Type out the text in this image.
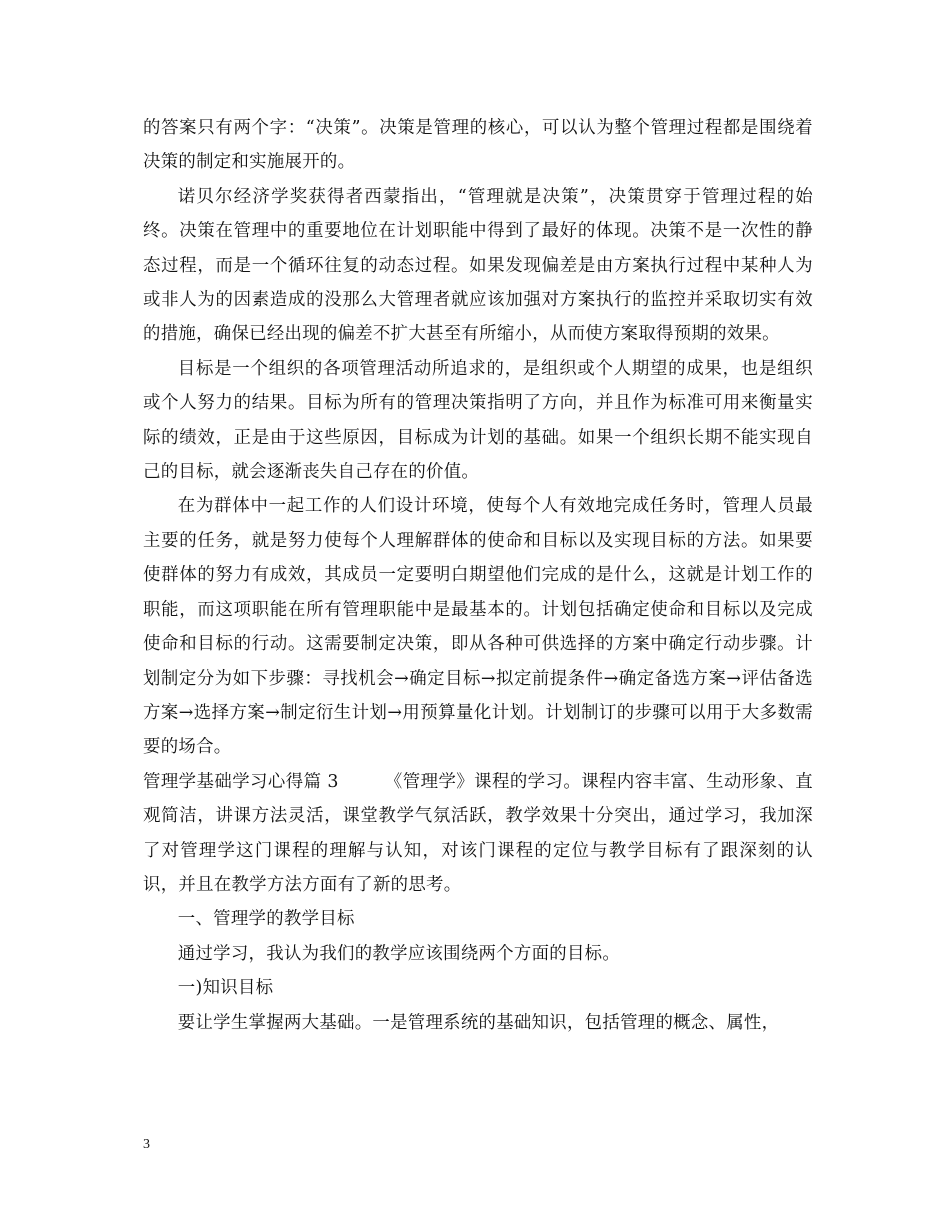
的答案只有两个字：“决策”。决策是管理的核心，可以认为整个管理过程都是围绕着决策的制定和实施展开的。

诺贝尔经济学奖获得者西蒙指出，“管理就是决策”，决策贯穿于管理过程的始终。决策在管理中的重要地位在计划职能中得到了最好的体现。决策不是一次性的静态过程，而是一个循环往复的动态过程。如果发现偏差是由方案执行过程中某种人为或非人为的因素造成的没那么大管理者就应该加强对方案执行的监控并采取切实有效的措施，确保已经出现的偏差不扩大甚至有所缩小，从而使方案取得预期的效果。

目标是一个组织的各项管理活动所追求的，是组织或个人期望的成果，也是组织或个人努力的结果。目标为所有的管理决策指明了方向，并且作为标准可用来衡量实际的绩效，正是由于这些原因，目标成为计划的基础。如果一个组织长期不能实现自己的目标，就会逐渐丧失自己存在的价值。

在为群体中一起工作的人们设计环境，使每个人有效地完成任务时，管理人员最主要的任务，就是努力使每个人理解群体的使命和目标以及实现目标的方法。如果要使群体的努力有成效，其成员一定要明白期望他们完成的是什么，这就是计划工作的职能，而这项职能在所有管理职能中是最基本的。计划包括确定使命和目标以及完成使命和目标的行动。这需要制定决策，即从各种可供选择的方案中确定行动步骤。计划制定分为如下步骤：寻找机会→确定目标→拟定前提条件→确定备选方案→评估备选方案→选择方案→制定衍生计划→用预算量化计划。计划制订的步骤可以用于大多数需要的场合。

管理学基础学习心得篇 3	《管理学》课程的学习。课程内容丰富、生动形象、直观简洁，讲课方法灵活，课堂教学气氛活跃，教学效果十分突出，通过学习，我加深了对管理学这门课程的理解与认知，对该门课程的定位与教学目标有了跟深刻的认识，并且在教学方法方面有了新的思考。

一、管理学的教学目标

通过学习，我认为我们的教学应该围绕两个方面的目标。

一)知识目标

要让学生掌握两大基础。一是管理系统的基础知识，包括管理的概念、属性，

3
